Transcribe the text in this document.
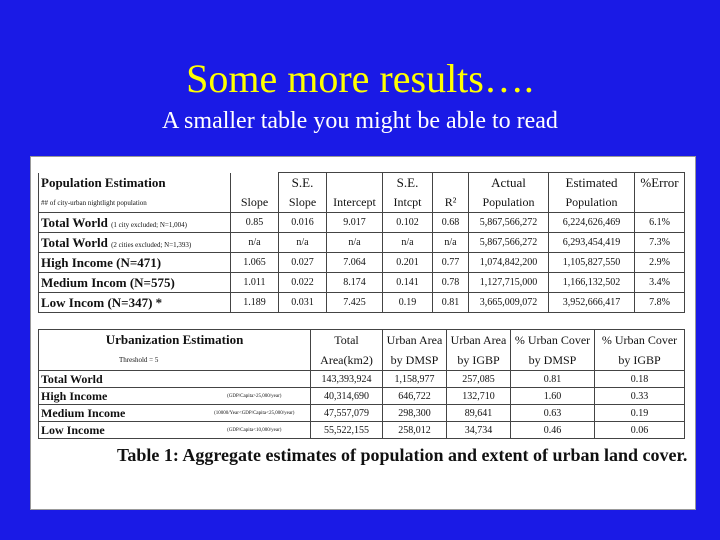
Some more results….
A smaller table you might be able to read
Population Estimation		S.E.		S.E.		Actual	Estimated	%Error
## of city-urban nightlight population	Slope	Slope	Intercept	Intcpt	R²	Population	Population	
Total World (1 city excluded; N=1,004)	0.85	0.016	9.017	0.102	0.68	5,867,566,272	6,224,626,469	6.1%
Total World (2 cities excluded; N=1,393)	n/a	n/a	n/a	n/a	n/a	5,867,566,272	6,293,454,419	7.3%
High Income (N=471)	1.065	0.027	7.064	0.201	0.77	1,074,842,200	1,105,827,550	2.9%
Medium Incom (N=575)	1.011	0.022	8.174	0.141	0.78	1,127,715,000	1,166,132,502	3.4%
Low Incom (N=347) *	1.189	0.031	7.425	0.19	0.81	3,665,009,072	3,952,666,417	7.8%
Urbanization Estimation		Total	Urban Area	Urban Area	% Urban Cover	% Urban Cover
Threshold = 5		Area(km2)	by DMSP	by IGBP	by DMSP	by IGBP
Total World		143,393,924	1,158,977	257,085	0.81	0.18
High Income	(GDP/Capita>25,000/year)	40,314,690	646,722	132,710	1.60	0.33
Medium Income	(10000/Year<GDP/Capita<25,000/year)	47,557,079	298,300	89,641	0.63	0.19
Low Income	(GDP/Capita<10,000/year)	55,522,155	258,012	34,734	0.46	0.06
Table 1: Aggregate estimates of population and extent of urban land cover.
